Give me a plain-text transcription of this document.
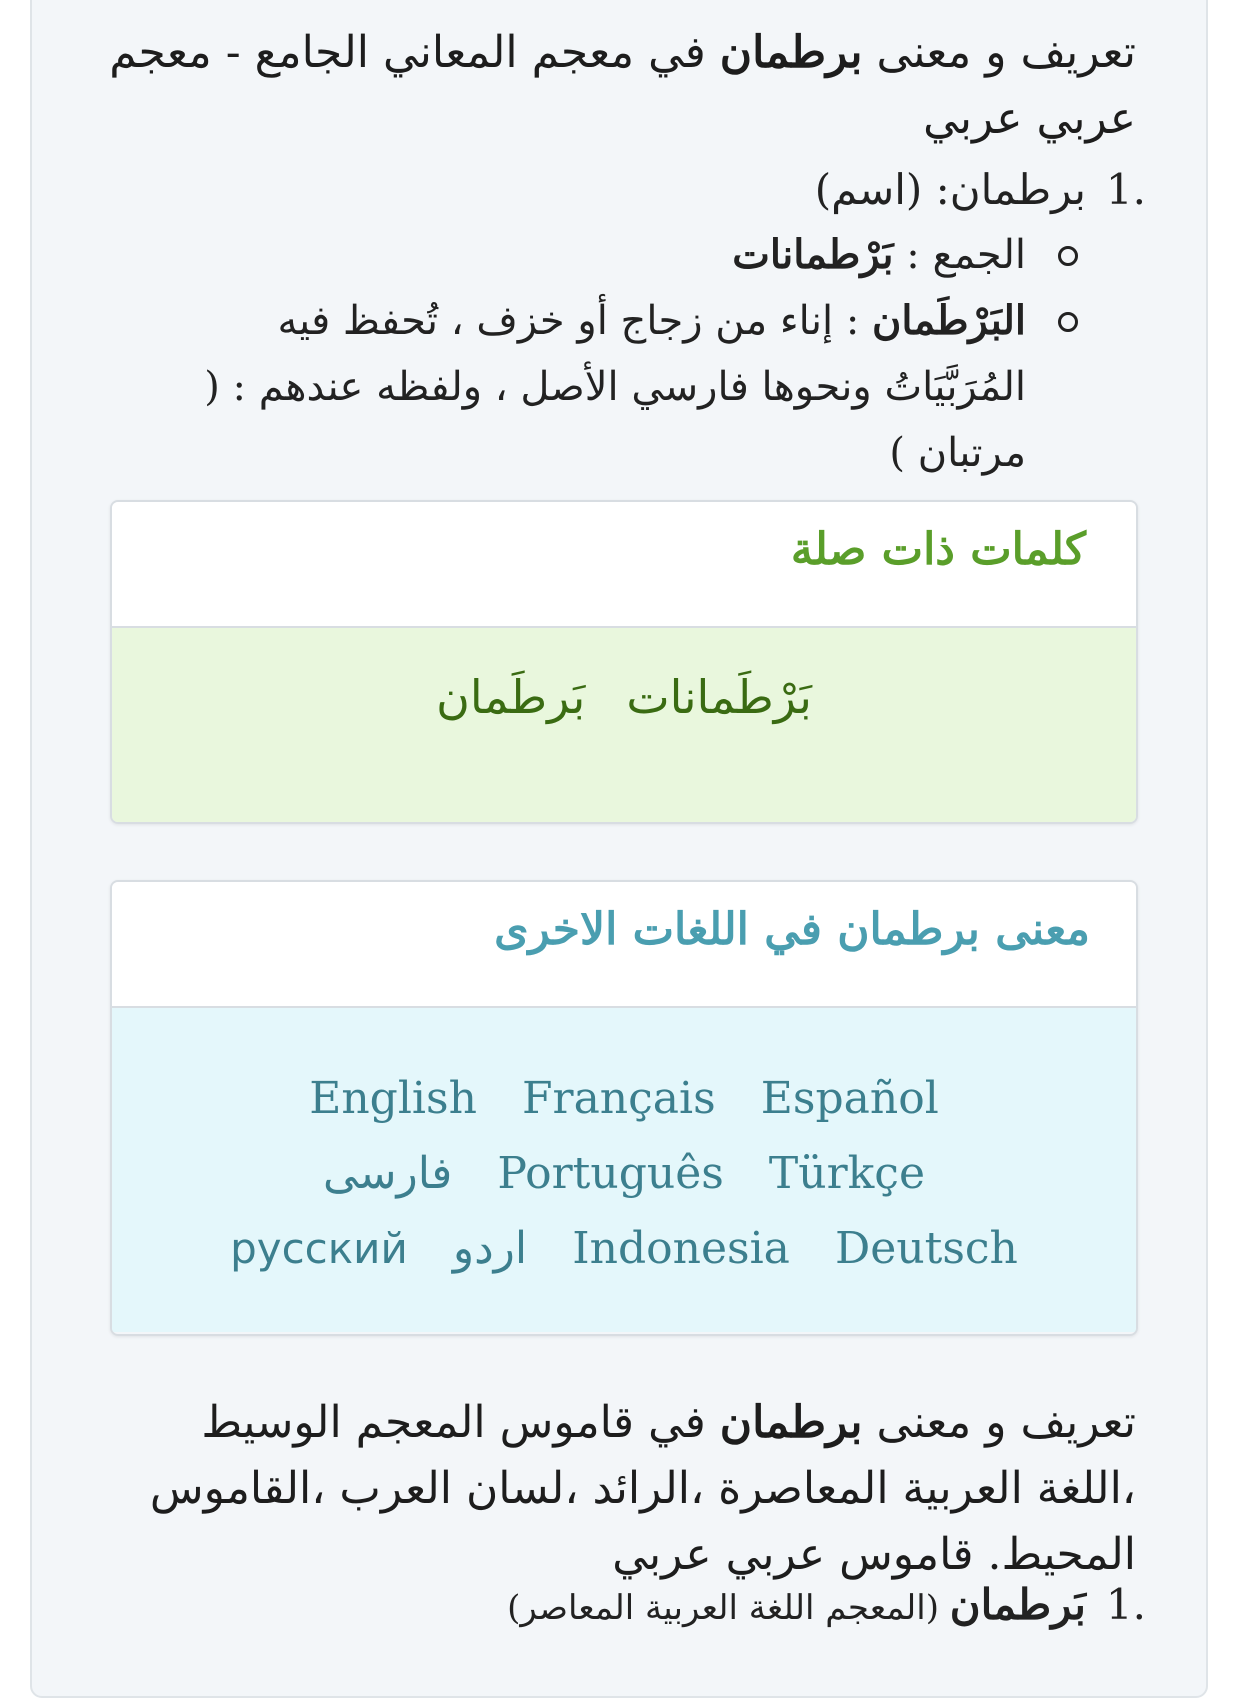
تعريف و معنى برطمان في معجم المعاني الجامع - معجم عربي عربي
1.
برطمان: (اسم)
الجمع : بَرْطمانات
البَرْطَمان : إناء من زجاج أو خزف ، تُحفظ فيه المُرَبَّيَاتُ ونحوها فارسي الأصل ، ولفظه عندهم : ( مرتبان )
كلمات ذات صلة
بَرْطَمانات بَرطَمان
معنى برطمان في اللغات الاخرى
English Français Español Português Türkçe فارسى Indonesia Deutsch اردو русский
تعريف و معنى برطمان في قاموس المعجم الوسيط ،اللغة العربية المعاصرة ،الرائد ،لسان العرب ،القاموس المحيط. قاموس عربي عربي
1.
بَرطمان (المعجم اللغة العربية المعاصر)
